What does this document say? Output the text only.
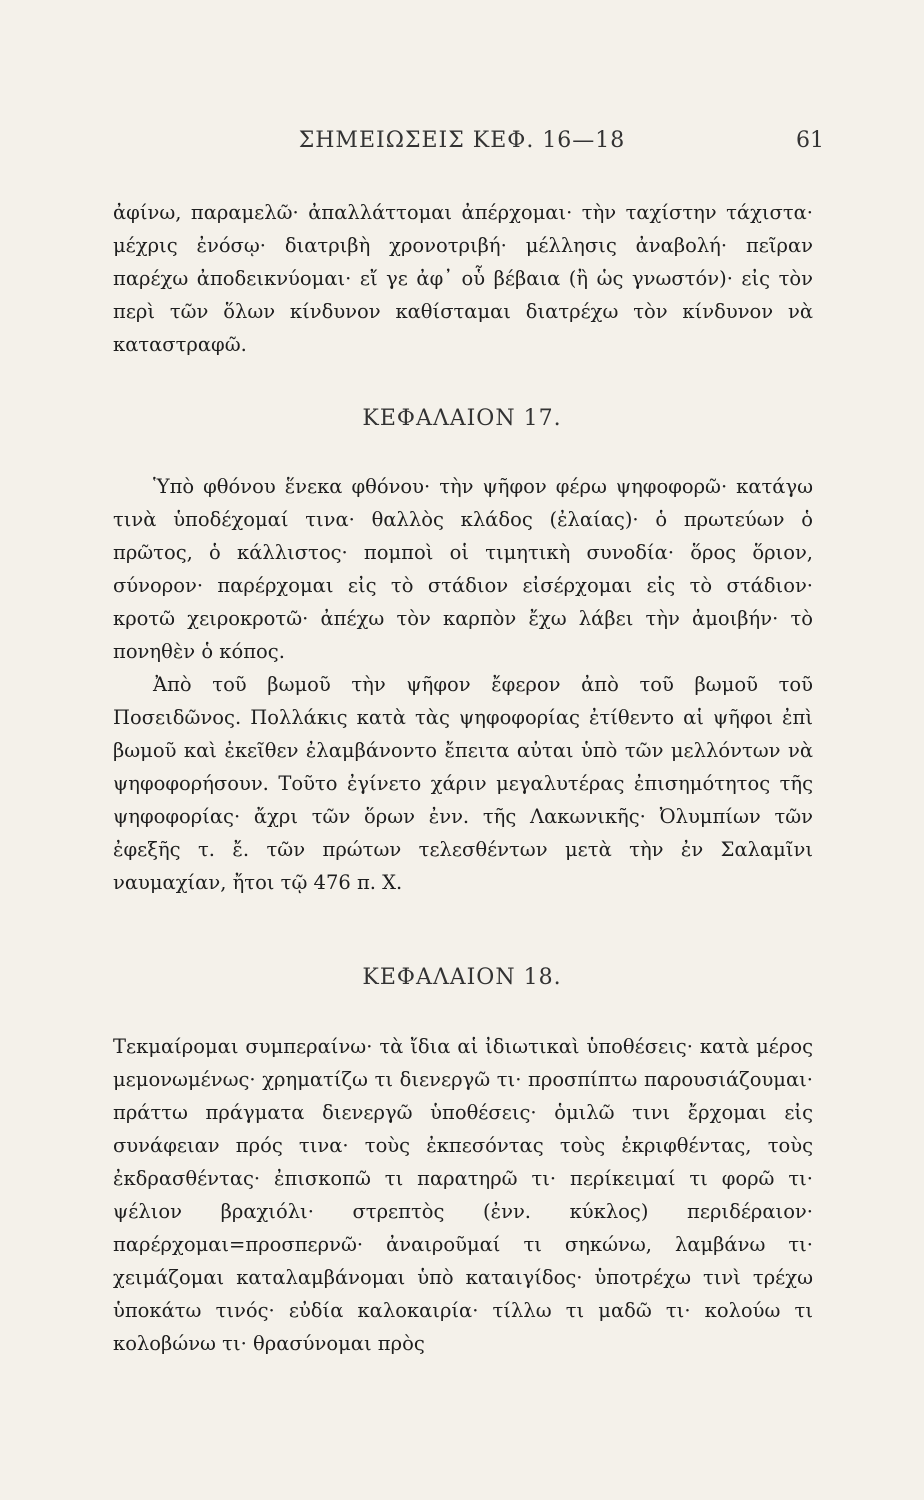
ΣΗΜΕΙΩΣΕΙΣ ΚΕΦ. 16—18	61

ἀφίνω, παραμελῶ· ἀπαλλάττομαι ἀπέρχομαι· τὴν ταχίστην τάχιστα· μέχρις ἐνόσῳ· διατριβὴ χρονοτριβή· μέλλησις ἀναβολή· πεῖραν παρέχω ἀποδεικνύομαι· εἴ γε ἀφ᾿ οὗ βέβαια (ἢ ὡς γνωστόν)· εἰς τὸν περὶ τῶν ὅλων κίνδυνον καθίσταμαι διατρέχω τὸν κίνδυνον νὰ καταστραφῶ.

ΚΕΦΑΛΑΙΟΝ 17.

Ὑπὸ φθόνου ἕνεκα φθόνου· τὴν ψῆφον φέρω ψηφοφορῶ· κατάγω τινὰ ὑποδέχομαί τινα· θαλλὸς κλάδος (ἐλαίας)· ὁ πρωτεύων ὁ πρῶτος, ὁ κάλλιστος· πομποὶ οἱ τιμητικὴ συνοδία· ὅρος ὅριον, σύνορον· παρέρχομαι εἰς τὸ στάδιον εἰσέρχομαι εἰς τὸ στάδιον· κροτῶ χειροκροτῶ· ἀπέχω τὸν καρπὸν ἔχω λάβει τὴν ἀμοιβήν· τὸ πονηθὲν ὁ κόπος.

Ἀπὸ τοῦ βωμοῦ τὴν ψῆφον ἔφερον ἀπὸ τοῦ βωμοῦ τοῦ Ποσειδῶνος. Πολλάκις κατὰ τὰς ψηφοφορίας ἐτίθεντο αἱ ψῆφοι ἐπὶ βωμοῦ καὶ ἐκεῖθεν ἐλαμβάνοντο ἔπειτα αὐται ὑπὸ τῶν μελλόντων νὰ ψηφοφορήσουν. Τοῦτο ἐγίνετο χάριν μεγαλυτέρας ἐπισημότητος τῆς ψηφοφορίας· ἄχρι τῶν ὅρων ἐνν. τῆς Λακωνικῆς· Ὀλυμπίων τῶν ἐφεξῆς τ. ἔ. τῶν πρώτων τελεσθέντων μετὰ τὴν ἐν Σαλαμῖνι ναυμαχίαν, ἤτοι τῷ 476 π. Χ.

ΚΕΦΑΛΑΙΟΝ 18.

Τεκμαίρομαι συμπεραίνω· τὰ ἴδια αἱ ἰδιωτικαὶ ὑποθέσεις· κατὰ μέρος μεμονωμένως· χρηματίζω τι διενεργῶ τι· προσπίπτω παρουσιάζουμαι· πράττω πράγματα διενεργῶ ὑποθέσεις· ὁμιλῶ τινι ἔρχομαι εἰς συνάφειαν πρός τινα· τοὺς ἐκπεσόντας τοὺς ἐκριφθέντας, τοὺς ἐκδρασθέντας· ἐπισκοπῶ τι παρατηρῶ τι· περίκειμαί τι φορῶ τι· ψέλιον βραχιόλι· στρεπτὸς (ἐνν. κύκλος) περιδέραιον· παρέρχομαι=προσπερνῶ· ἀναιροῦμαί τι σηκώνω, λαμβάνω τι· χειμάζομαι καταλαμβάνομαι ὑπὸ καταιγίδος· ὑποτρέχω τινὶ τρέχω ὑποκάτω τινός· εὐδία καλοκαιρία· τίλλω τι μαδῶ τι· κολούω τι κολοβώνω τι· θρασύνομαι πρὸς
